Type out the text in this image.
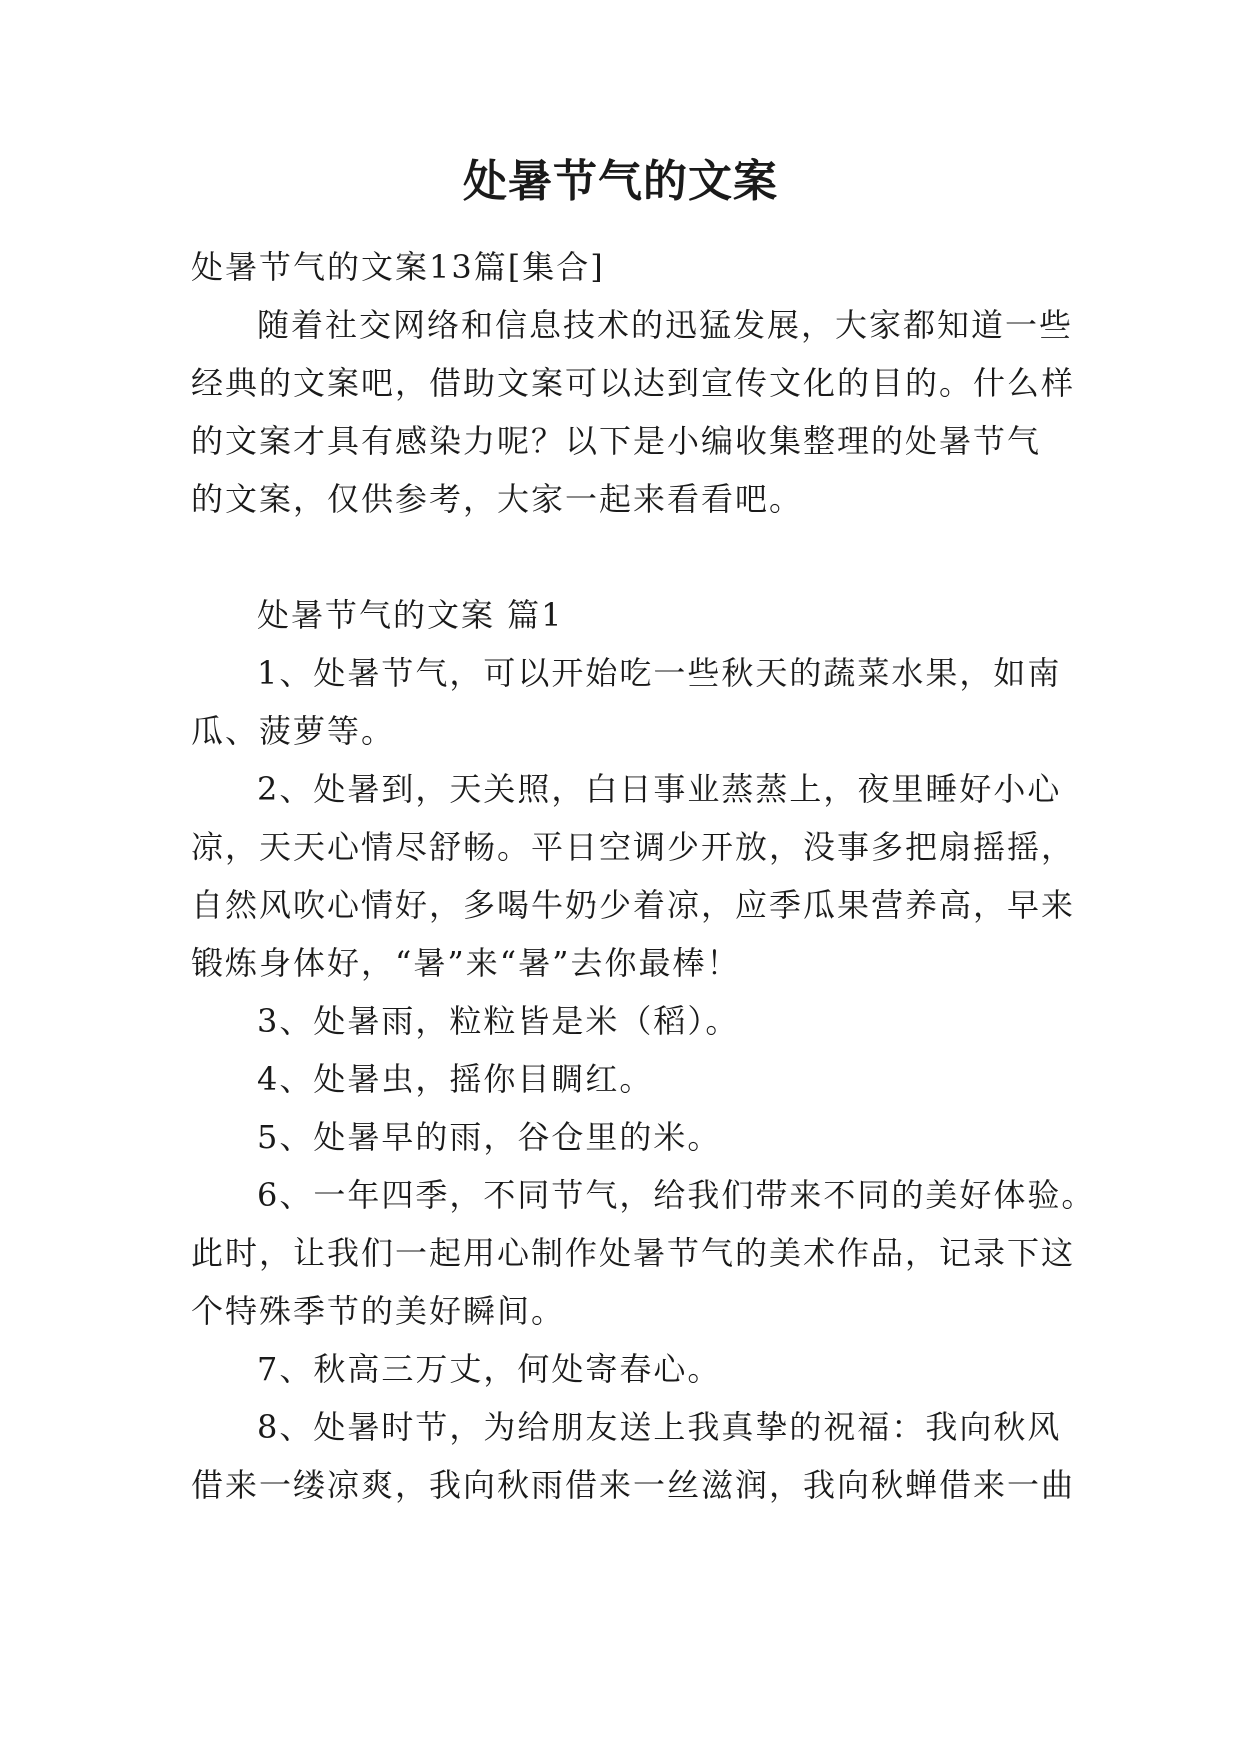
处暑节气的文案
处暑节气的文案13篇[集合]
随着社交网络和信息技术的迅猛发展，大家都知道一些
经典的文案吧，借助文案可以达到宣传文化的目的。什么样
的文案才具有感染力呢？以下是小编收集整理的处暑节气
的文案，仅供参考，大家一起来看看吧。
处暑节气的文案 篇1
1、处暑节气，可以开始吃一些秋天的蔬菜水果，如南
瓜、菠萝等。
2、处暑到，天关照，白日事业蒸蒸上，夜里睡好小心
凉，天天心情尽舒畅。平日空调少开放，没事多把扇摇摇，
自然风吹心情好，多喝牛奶少着凉，应季瓜果营养高，早来
锻炼身体好，“暑”来“暑”去你最棒！
3、处暑雨，粒粒皆是米（稻）。
4、处暑虫，摇你目睭红。
5、处暑早的雨，谷仓里的米。
6、一年四季，不同节气，给我们带来不同的美好体验。
此时，让我们一起用心制作处暑节气的美术作品，记录下这
个特殊季节的美好瞬间。
7、秋高三万丈，何处寄春心。
8、处暑时节，为给朋友送上我真挚的祝福：我向秋风
借来一缕凉爽，我向秋雨借来一丝滋润，我向秋蝉借来一曲
